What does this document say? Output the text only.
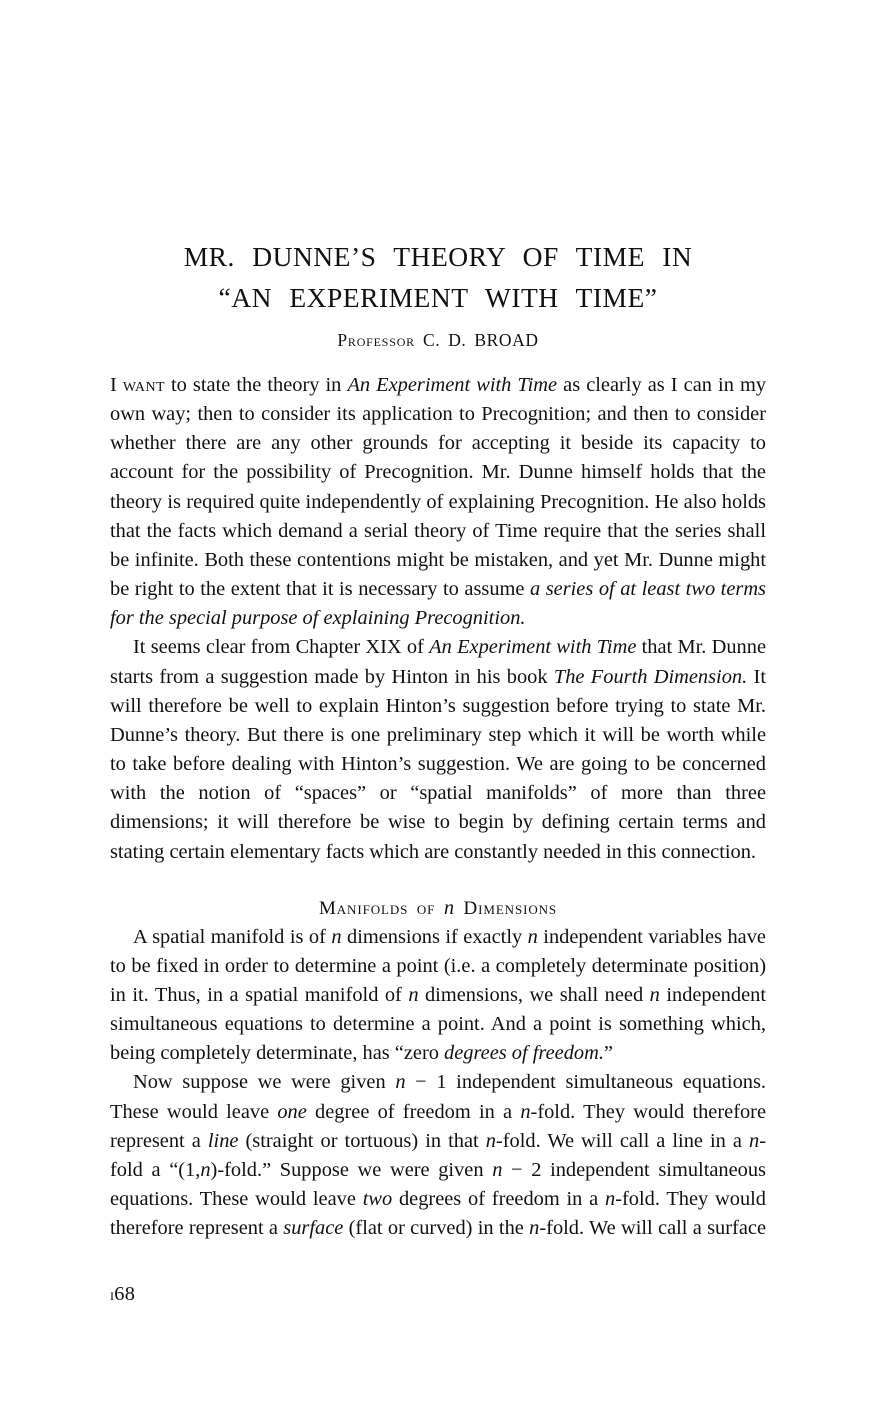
MR. DUNNE’S THEORY OF TIME IN
“AN EXPERIMENT WITH TIME”
Professor C. D. BROAD

I want to state the theory in An Experiment with Time as clearly as I can in my own way; then to consider its application to Precognition; and then to consider whether there are any other grounds for accepting it beside its capacity to account for the possibility of Precognition. Mr. Dunne himself holds that the theory is required quite independently of explaining Precognition. He also holds that the facts which demand a serial theory of Time require that the series shall be infinite. Both these contentions might be mistaken, and yet Mr. Dunne might be right to the extent that it is necessary to assume a series of at least two terms for the special purpose of explaining Precognition.

It seems clear from Chapter XIX of An Experiment with Time that Mr. Dunne starts from a suggestion made by Hinton in his book The Fourth Dimension. It will therefore be well to explain Hinton’s suggestion before trying to state Mr. Dunne’s theory. But there is one preliminary step which it will be worth while to take before dealing with Hinton’s suggestion. We are going to be concerned with the notion of “spaces” or “spatial manifolds” of more than three dimensions; it will therefore be wise to begin by defining certain terms and stating certain elementary facts which are constantly needed in this connection.

Manifolds of n Dimensions

A spatial manifold is of n dimensions if exactly n independent variables have to be fixed in order to determine a point (i.e. a completely determinate position) in it. Thus, in a spatial manifold of n dimensions, we shall need n independent simultaneous equations to determine a point. And a point is something which, being completely determinate, has “zero degrees of freedom.”

Now suppose we were given n − 1 independent simultaneous equations. These would leave one degree of freedom in a n-fold. They would therefore represent a line (straight or tortuous) in that n-fold. We will call a line in a n-fold a “(1,n)-fold.” Suppose we were given n − 2 independent simultaneous equations. These would leave two degrees of freedom in a n-fold. They would therefore represent a surface (flat or curved) in the n-fold. We will call a surface

ı68
